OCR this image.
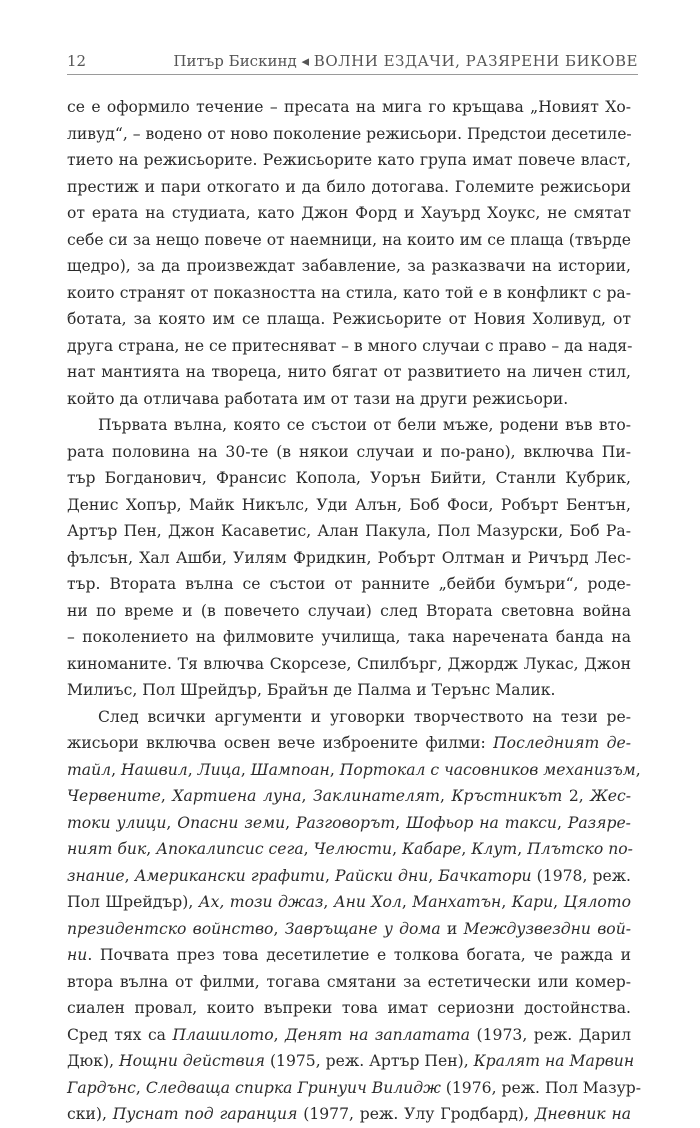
12	Питър Бискинд ◂ ВОЛНИ ЕЗДАЧИ, РАЗЯРЕНИ БИКОВЕ
се е оформило течение – пресата на мига го кръщава „Новият Хо-
ливуд“, – водено от ново поколение режисьори. Предстои десетиле-
тието на режисьорите. Режисьорите като група имат повече власт,
престиж и пари откогато и да било дотогава. Големите режисьори
от ерата на студиата, като Джон Форд и Хауърд Хоукс, не смятат
себе си за нещо повече от наемници, на които им се плаща (твърде
щедро), за да произвеждат забавление, за разказвачи на истории,
които странят от показността на стила, като той е в конфликт с ра-
ботата, за която им се плаща. Режисьорите от Новия Холивуд, от
друга страна, не се притесняват – в много случаи с право – да надя-
нат мантията на твореца, нито бягат от развитието на личен стил,
който да отличава работата им от тази на други режисьори.
Първата вълна, която се състои от бели мъже, родени във вто-
рата половина на 30-те (в някои случаи и по-рано), включва Пи-
тър Богданович, Франсис Копола, Уорън Бийти, Станли Кубрик,
Денис Хопър, Майк Никълс, Уди Алън, Боб Фоси, Робърт Бентън,
Артър Пен, Джон Касаветис, Алан Пакула, Пол Мазурски, Боб Ра-
фълсън, Хал Ашби, Уилям Фридкин, Робърт Олтман и Ричърд Лес-
тър. Втората вълна се състои от ранните „бейби бумъри“, роде-
ни по време и (в повечето случаи) след Втората световна война
– поколението на филмовите училища, така наречената банда на
киноманите. Тя влючва Скорсезе, Спилбърг, Джордж Лукас, Джон
Милиъс, Пол Шрейдър, Брайън де Палма и Терънс Малик.
След всички аргументи и уговорки творчеството на тези ре-
жисьори включва освен вече изброените филми: Последният де-
тайл, Нашвил, Лица, Шампоан, Портокал с часовников механизъм,
Червените, Хартиена луна, Заклинателят, Кръстникът 2, Жес-
токи улици, Опасни земи, Разговорът, Шофьор на такси, Разяре-
ният бик, Апокалипсис сега, Челюсти, Кабаре, Клут, Плътско по-
знание, Американски графити, Райски дни, Бачкатори (1978, реж.
Пол Шрейдър), Ах, този джаз, Ани Хол, Манхатън, Кари, Цялото
президентско войнство, Завръщане у дома и Междузвездни вой-
ни. Почвата през това десетилетие е толкова богата, че ражда и
втора вълна от филми, тогава смятани за естетически или комер-
сиален провал, които въпреки това имат сериозни достойнства.
Сред тях са Плашилото, Денят на заплатата (1973, реж. Дарил
Дюк), Нощни действия (1975, реж. Артър Пен), Кралят на Марвин
Гардънс, Следваща спирка Гринуич Вилидж (1976, реж. Пол Мазур-
ски), Пуснат под гаранция (1977, реж. Улу Гродбард), Дневник на
